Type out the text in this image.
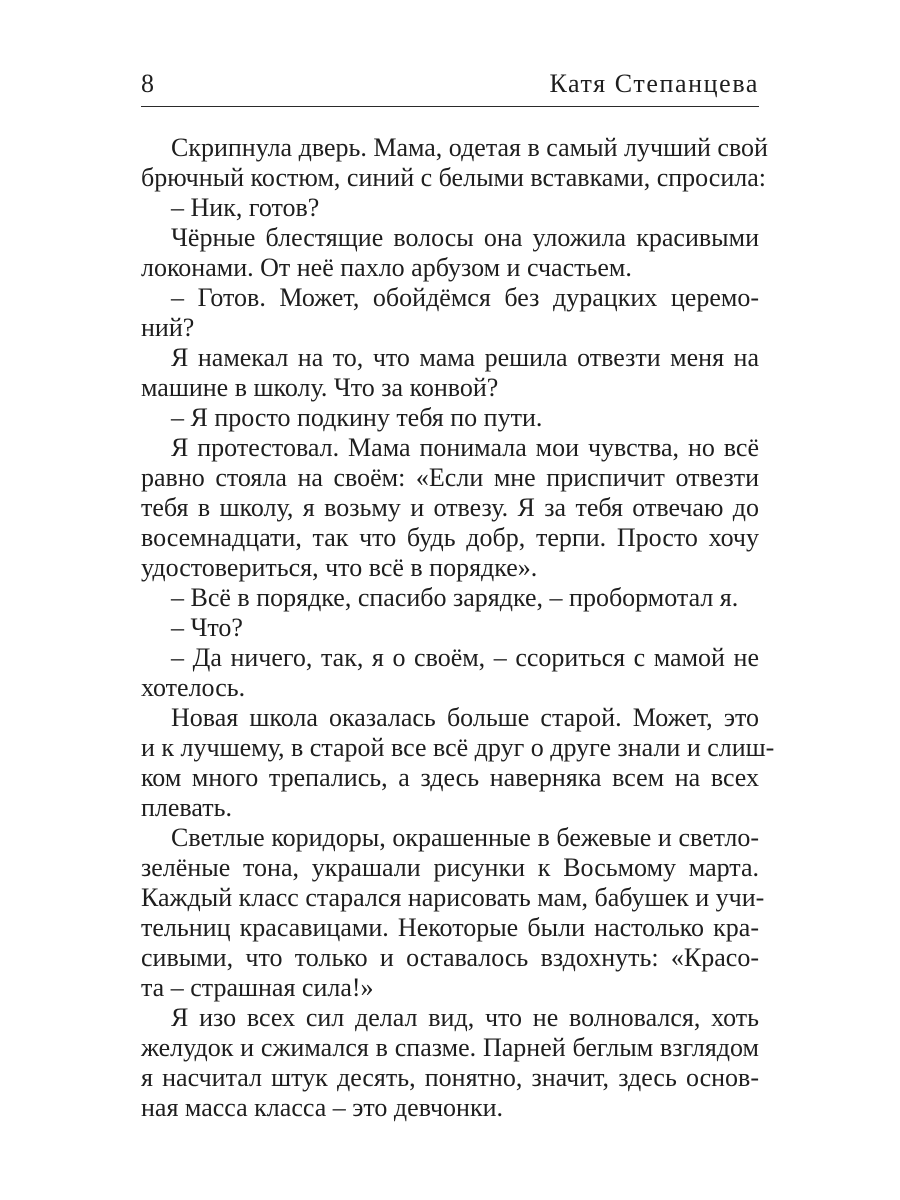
8	Катя Степанцева

Скрипнула дверь. Мама, одетая в самый лучший свой

брючный костюм, синий с белыми вставками, спросила:

– Ник, готов?

Чёрные блестящие волосы она уложила красивыми

локонами. От неё пахло арбузом и счастьем.

– Готов. Может, обойдёмся без дурацких церемо-

ний?

Я намекал на то, что мама решила отвезти меня на

машине в школу. Что за конвой?

– Я просто подкину тебя по пути.

Я протестовал. Мама понимала мои чувства, но всё

равно стояла на своём: «Если мне приспичит отвезти

тебя в школу, я возьму и отвезу. Я за тебя отвечаю до

восемнадцати, так что будь добр, терпи. Просто хочу

удостовериться, что всё в порядке».

– Всё в порядке, спасибо зарядке, – пробормотал я.

– Что?

– Да ничего, так, я о своём, – ссориться с мамой не

хотелось.

Новая школа оказалась больше старой. Может, это

и к лучшему, в старой все всё друг о друге знали и слиш-

ком много трепались, а здесь наверняка всем на всех

плевать.

Светлые коридоры, окрашенные в бежевые и светло-

зелёные тона, украшали рисунки к Восьмому марта.

Каждый класс старался нарисовать мам, бабушек и учи-

тельниц красавицами. Некоторые были настолько кра-

сивыми, что только и оставалось вздохнуть: «Красо-

та – страшная сила!»

Я изо всех сил делал вид, что не волновался, хоть

желудок и сжимался в спазме. Парней беглым взглядом

я насчитал штук десять, понятно, значит, здесь основ-

ная масса класса – это девчонки.
